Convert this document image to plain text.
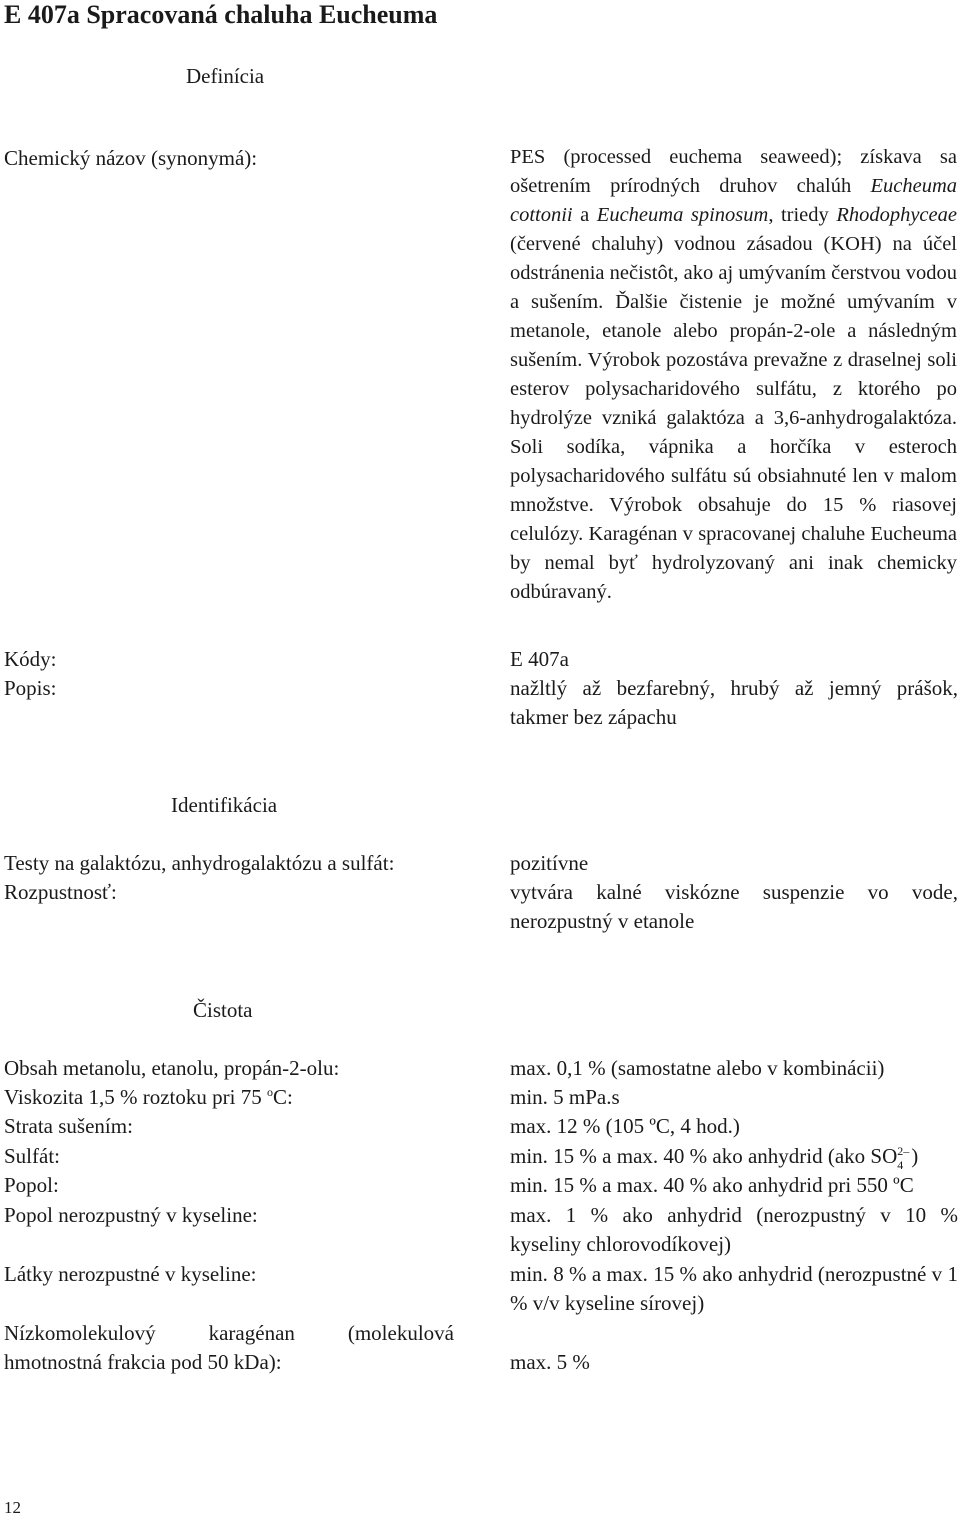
E 407a Spracovaná chaluha Eucheuma
Definícia
Chemický názov (synonymá):	PES (processed euchema seaweed); získava sa ošetrením prírodných druhov chalúh Eucheuma cottonii a Eucheuma spinosum, triedy Rhodophyceae (červené chaluhy) vodnou zásadou (KOH) na účel odstránenia nečistôt, ako aj umývaním čerstvou vodou a sušením. Ďalšie čistenie je možné umývaním v metanole, etanole alebo propán-2-ole a následným sušením. Výrobok pozostáva prevažne z draselnej soli esterov polysacharidového sulfátu, z ktorého po hydrolýze vzniká galaktóza a 3,6-anhydrogalaktóza. Soli sodíka, vápnika a horčíka v esteroch polysacharidového sulfátu sú obsiahnuté len v malom množstve. Výrobok obsahuje do 15 % riasovej celulózy. Karagénan v spracovanej chaluhe Eucheuma by nemal byť hydrolyzovaný ani inak chemicky odbúravaný.
Kódy:	E 407a
Popis:	nažltlý až bezfarebný, hrubý až jemný prášok, takmer bez zápachu
Identifikácia
Testy na galaktózu, anhydrogalaktózu a sulfát:	pozitívne
Rozpustnosť:	vytvára kalné viskózne suspenzie vo vode, nerozpustný v etanole
Čistota
Obsah metanolu, etanolu, propán-2-olu:	max. 0,1 % (samostatne alebo v kombinácii)
Viskozita 1,5 % roztoku pri 75 $^o$C:	min. 5 mPa.s
Strata sušením:	max. 12 % (105 ºC, 4 hod.)
Sulfát:	min. 15 % a max. 40 % ako anhydrid (ako SO 2–
4 )
Popol:	min. 15 % a max. 40 % ako anhydrid pri 550 ºC
Popol nerozpustný v kyseline:	max. 1 % ako anhydrid (nerozpustný v 10 % kyseliny chlorovodíkovej)
Látky nerozpustné v kyseline:	min. 8 % a max. 15 % ako anhydrid (nerozpustné v 1 % v/v kyseline sírovej)
Nízkomolekulový karagénan (molekulová hmotnostná frakcia pod 50 kDa):	max. 5 %
12
